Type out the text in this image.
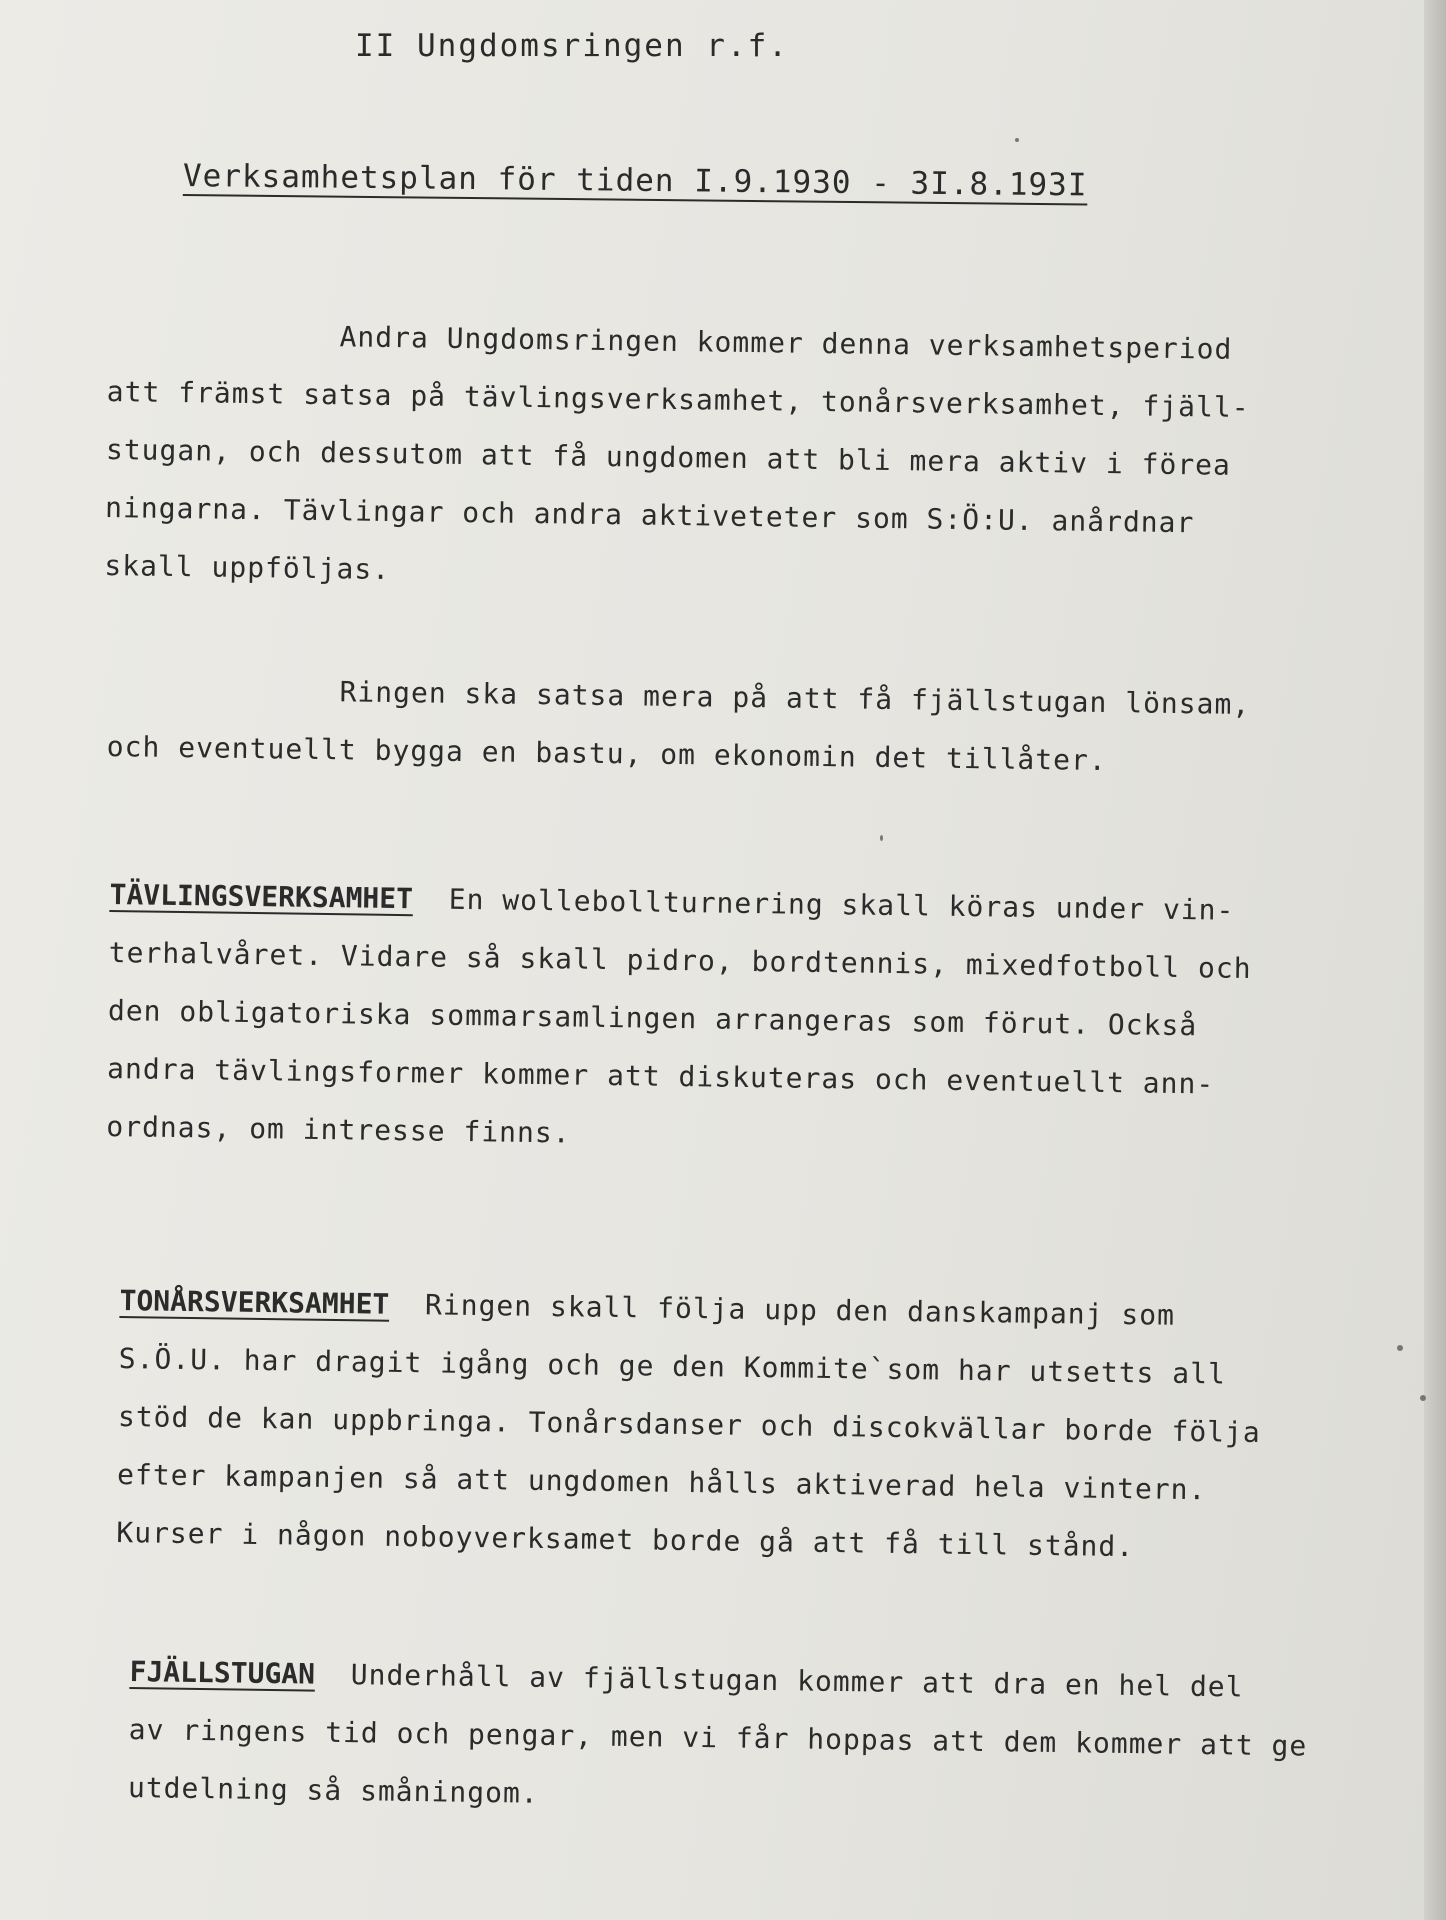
II Ungdomsringen r.f.
Verksamhetsplan för tiden I.9.1930 - 3I.8.193I

Andra Ungdomsringen kommer denna verksamhetsperiod
att främst satsa på tävlingsverksamhet, tonårsverksamhet, fjäll-
stugan, och dessutom att få ungdomen att bli mera aktiv i förea
ningarna. Tävlingar och andra aktiveteter som S:Ö:U. anårdnar
skall uppföljas.

Ringen ska satsa mera på att få fjällstugan lönsam,
och eventuellt bygga en bastu, om ekonomin det tillåter.

TÄVLINGSVERKSAMHET En wollebollturnering skall köras under vin-
terhalvåret. Vidare så skall pidro, bordtennis, mixedfotboll och
den obligatoriska sommarsamlingen arrangeras som förut. Också
andra tävlingsformer kommer att diskuteras och eventuellt ann-
ordnas, om intresse finns.

TONÅRSVERKSAMHET Ringen skall följa upp den danskampanj som
S.Ö.U. har dragit igång och ge den Kommite`som har utsetts all
stöd de kan uppbringa. Tonårsdanser och discokvällar borde följa
efter kampanjen så att ungdomen hålls aktiverad hela vintern.
Kurser i någon noboyverksamet borde gå att få till stånd.

FJÄLLSTUGAN Underhåll av fjällstugan kommer att dra en hel del
av ringens tid och pengar, men vi får hoppas att dem kommer att ge
utdelning så småningom.
